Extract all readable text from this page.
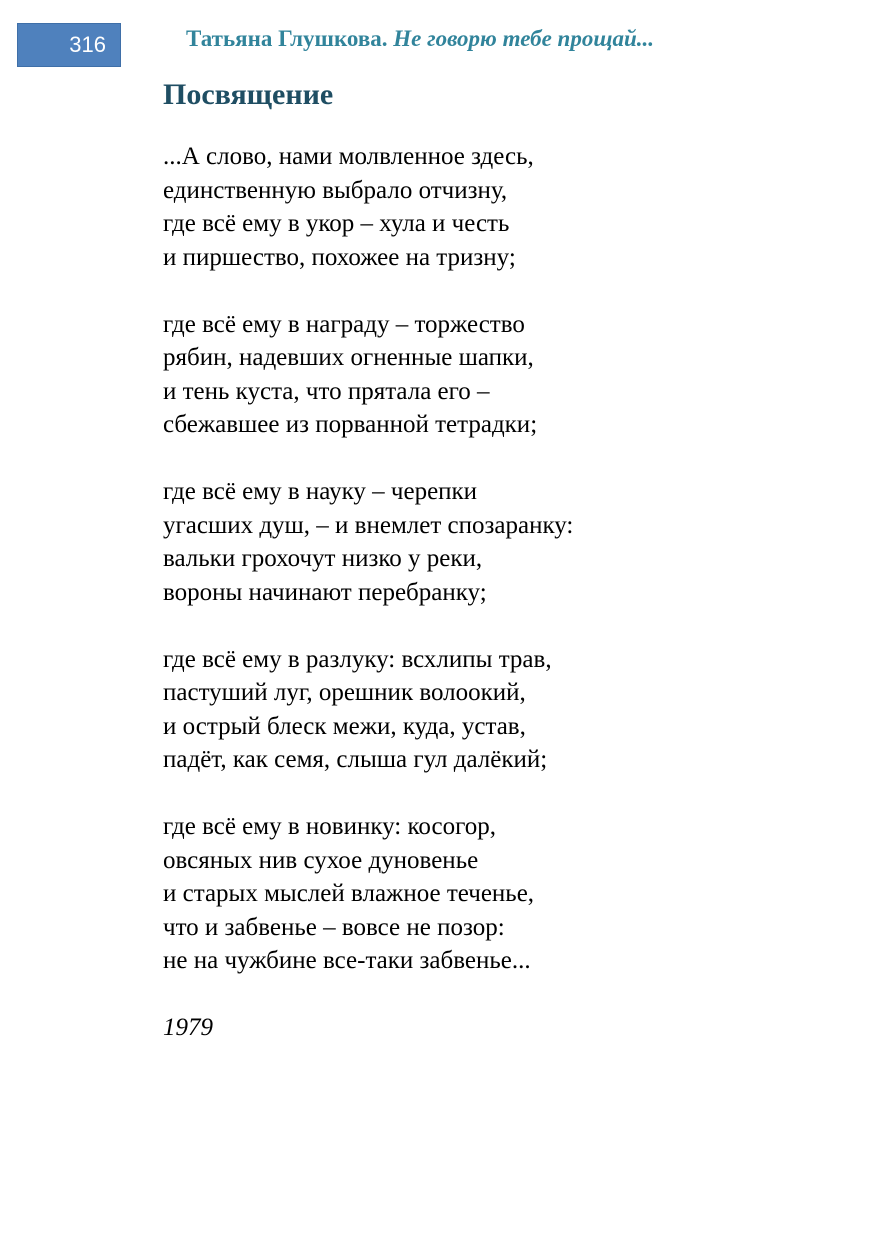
316	Татьяна Глушкова. Не говорю тебе прощай...
Посвящение
...А слово, нами молвленное здесь,
единственную выбрало отчизну,
где всё ему в укор – хула и честь
и пиршество, похожее на тризну;
где всё ему в награду – торжество
рябин, надевших огненные шапки,
и тень куста, что прятала его –
сбежавшее из порванной тетрадки;
где всё ему в науку – черепки
угасших душ, – и внемлет спозаранку:
вальки грохочут низко у реки,
вороны начинают перебранку;
где всё ему в разлуку: всхлипы трав,
пастуший луг, орешник волоокий,
и острый блеск межи, куда, устав,
падёт, как семя, слыша гул далёкий;
где всё ему в новинку: косогор,
овсяных нив сухое дуновенье
и старых мыслей влажное теченье,
что и забвенье – вовсе не позор:
не на чужбине все-таки забвенье...
1979
